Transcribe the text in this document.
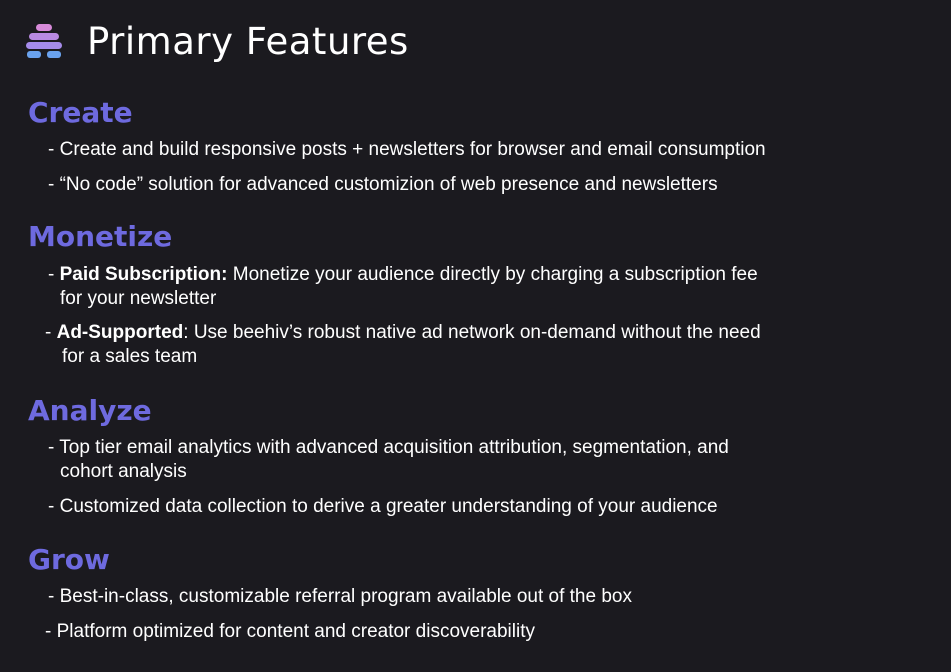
Primary Features
Create
- Create and build responsive posts + newsletters for browser and email consumption
- “No code” solution for advanced customizion of web presence and newsletters
Monetize
- Paid Subscription: Monetize your audience directly by charging a subscription fee
for your newsletter
- Ad-Supported: Use beehiv’s robust native ad network on-demand without the need
for a sales team
Analyze
- Top tier email analytics with advanced acquisition attribution, segmentation, and
cohort analysis
- Customized data collection to derive a greater understanding of your audience
Grow
- Best-in-class, customizable referral program available out of the box
- Platform optimized for content and creator discoverability
